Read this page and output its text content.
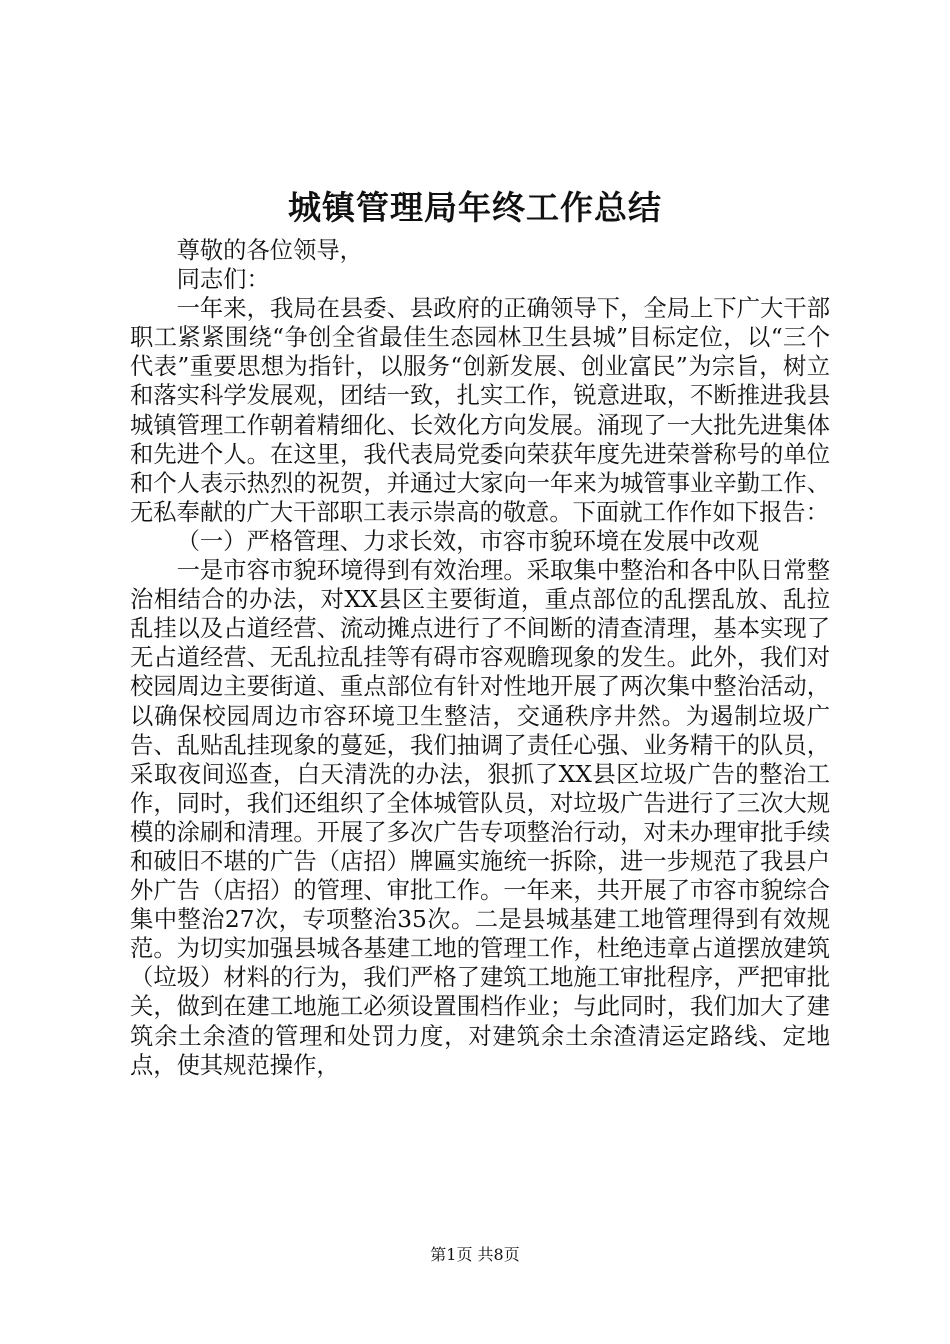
城镇管理局年终工作总结

尊敬的各位领导，

同志们：

一年来，我局在县委、县政府的正确领导下，全局上下广大干部职工紧紧围绕“争创全省最佳生态园林卫生县城”目标定位，以“三个代表”重要思想为指针，以服务“创新发展、创业富民”为宗旨，树立和落实科学发展观，团结一致，扎实工作，锐意进取，不断推进我县城镇管理工作朝着精细化、长效化方向发展。涌现了一大批先进集体和先进个人。在这里，我代表局党委向荣获年度先进荣誉称号的单位和个人表示热烈的祝贺，并通过大家向一年来为城管事业辛勤工作、无私奉献的广大干部职工表示崇高的敬意。下面就工作作如下报告：

（一）严格管理、力求长效，市容市貌环境在发展中改观

一是市容市貌环境得到有效治理。采取集中整治和各中队日常整治相结合的办法，对XX县区主要街道，重点部位的乱摆乱放、乱拉乱挂以及占道经营、流动摊点进行了不间断的清查清理，基本实现了无占道经营、无乱拉乱挂等有碍市容观瞻现象的发生。此外，我们对校园周边主要街道、重点部位有针对性地开展了两次集中整治活动，以确保校园周边市容环境卫生整洁，交通秩序井然。为遏制垃圾广告、乱贴乱挂现象的蔓延，我们抽调了责任心强、业务精干的队员，采取夜间巡查，白天清洗的办法，狠抓了XX县区垃圾广告的整治工作，同时，我们还组织了全体城管队员，对垃圾广告进行了三次大规模的涂刷和清理。开展了多次广告专项整治行动，对未办理审批手续和破旧不堪的广告（店招）牌匾实施统一拆除，进一步规范了我县户外广告（店招）的管理、审批工作。一年来，共开展了市容市貌综合集中整治27次，专项整治35次。二是县城基建工地管理得到有效规范。为切实加强县城各基建工地的管理工作，杜绝违章占道摆放建筑（垃圾）材料的行为，我们严格了建筑工地施工审批程序，严把审批关，做到在建工地施工必须设置围档作业；与此同时，我们加大了建筑余土余渣的管理和处罚力度，对建筑余土余渣清运定路线、定地点，使其规范操作，

第1页 共8页
